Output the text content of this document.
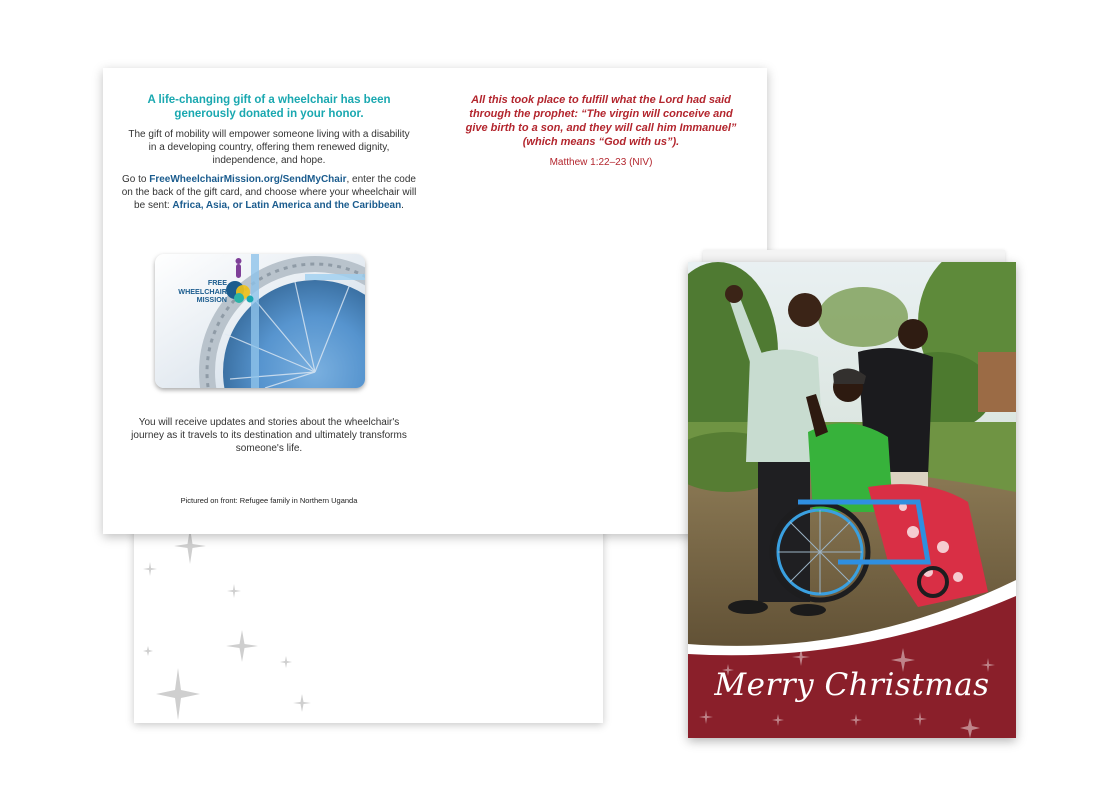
A life-changing gift of a wheelchair has been generously donated in your honor.
The gift of mobility will empower someone living with a disability in a developing country, offering them renewed dignity, independence, and hope.
Go to FreeWheelchairMission.org/SendMyChair, enter the code on the back of the gift card, and choose where your wheelchair will be sent: Africa, Asia, or Latin America and the Caribbean.
FREE
WHEELCHAIR
MISSION
You will receive updates and stories about the wheelchair's journey as it travels to its destination and ultimately transforms someone's life.
Pictured on front: Refugee family in Northern Uganda
All this took place to fulfill what the Lord had said through the prophet: “The virgin will conceive and give birth to a son, and they will call him Immanuel” (which means “God with us”).
Matthew 1:22–23 (NIV)
Merry Christmas
